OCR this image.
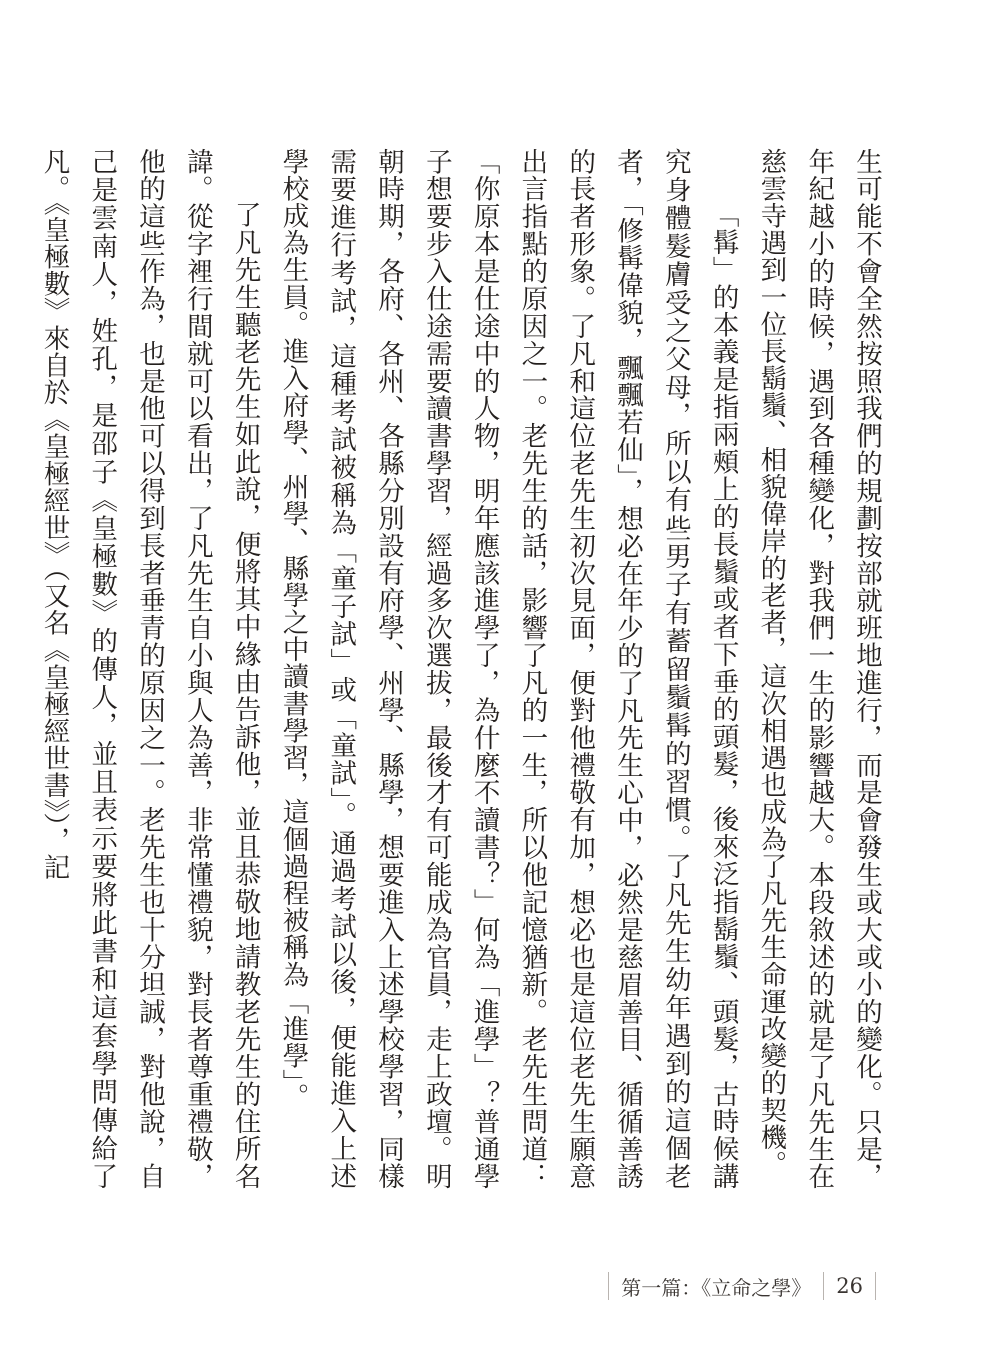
生可能不會全然按照我們的規劃按部就班地進行，而是會發生或大或小的變化。只是，年紀越小的時候，遇到各種變化，對我們一生的影響越大。本段敘述的就是了凡先生在慈雲寺遇到一位長鬍鬚、相貌偉岸的老者，這次相遇也成為了凡先生命運改變的契機。

「髯」的本義是指兩頰上的長鬚或者下垂的頭髮，後來泛指鬍鬚、頭髮，古時候講究身體髮膚受之父母，所以有些男子有蓄留鬚髯的習慣。了凡先生幼年遇到的這個老者，「修髯偉貌，飄飄若仙」，想必在年少的了凡先生心中，必然是慈眉善目、循循善誘的長者形象。了凡和這位老先生初次見面，便對他禮敬有加，想必也是這位老先生願意出言指點的原因之一。老先生的話，影響了凡的一生，所以他記憶猶新。老先生問道：「你原本是仕途中的人物，明年應該進學了，為什麼不讀書？」何為「進學」？普通學子想要步入仕途需要讀書學習，經過多次選拔，最後才有可能成為官員，走上政壇。明朝時期，各府、各州、各縣分別設有府學、州學、縣學，想要進入上述學校學習，同樣需要進行考試，這種考試被稱為「童子試」或「童試」。通過考試以後，便能進入上述學校成為生員。進入府學、州學、縣學之中讀書學習，這個過程被稱為「進學」。

了凡先生聽老先生如此說，便將其中緣由告訴他，並且恭敬地請教老先生的住所名諱。從字裡行間就可以看出，了凡先生自小與人為善，非常懂禮貌，對長者尊重禮敬，他的這些作為，也是他可以得到長者垂青的原因之一。老先生也十分坦誠，對他說，自己是雲南人，姓孔，是邵子《皇極數》的傳人，並且表示要將此書和這套學問傳給了凡。《皇極數》來自於《皇極經世》（又名《皇極經世書》），記

第一篇：《立命之學》 26
